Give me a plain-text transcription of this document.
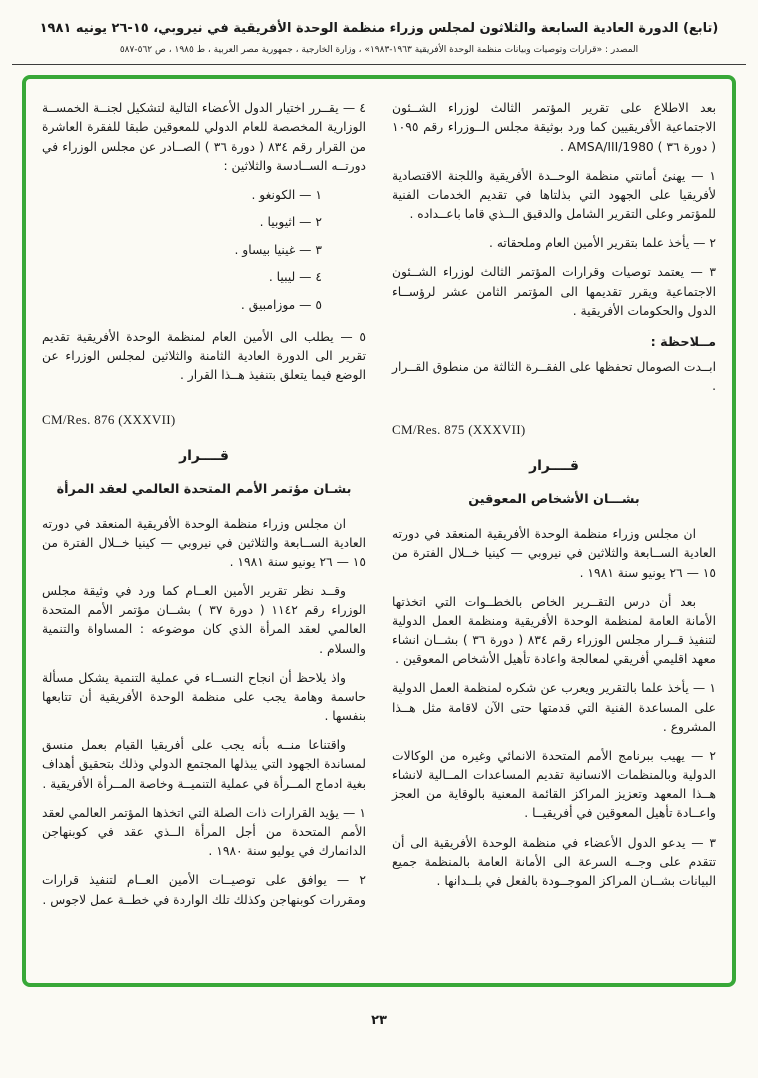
(تابع) الدورة العادية السابعة والثلاثون لمجلس وزراء منظمة الوحدة الأفريقية في نيروبي، ١٥-٢٦ يونيه ١٩٨١
المصدر : «قرارات وتوصيات وبيانات منظمة الوحدة الأفريقية ١٩٦٣-١٩٨٣» ، وزارة الخارجية ، جمهورية مصر العربية ، ط ١٩٨٥ ، ص ٥٦٢-٥٨٧

بعد الاطلاع على تقرير المؤتمر الثالث لوزراء الشــئون الاجتماعية الأفريقيين كما ورد بوثيقة مجلس الــوزراء رقم ١٠٩٥ ( دورة ٣٦ ) AMSA/III/1980 .

١ — يهنئ أمانتي منظمة الوحــدة الأفريقية واللجنة الاقتصادية لأفريقيا على الجهود التي بذلتاها في تقديم الخدمات الفنية للمؤتمر وعلى التقرير الشامل والدقيق الــذي قاما باعــداده .

٢ — يأخذ علما بتقرير الأمين العام وملحقاته .

٣ — يعتمد توصيات وقرارات المؤتمر الثالث لوزراء الشــئون الاجتماعية ويقرر تقديمها الى المؤتمر الثامن عشر لرؤســاء الدول والحكومات الأفريقية .

مــلاحظة :

ابــدت الصومال تحفظها على الفقــرة الثالثة من منطوق القــرار .

CM/Res. 875 (XXXVII)
قــــرار
بشـــان الأشخاص المعوقين

ان مجلس وزراء منظمة الوحدة الأفريقية المنعقد في دورته العادية الســابعة والثلاثين في نيروبي — كينيا خــلال الفترة من ١٥ — ٢٦ يونيو سنة ١٩٨١ .

بعد أن درس التقــرير الخاص بالخطــوات التي اتخذتها الأمانة العامة لمنظمة الوحدة الأفريقية ومنظمة العمل الدولية لتنفيذ قــرار مجلس الوزراء رقم ٨٣٤ ( دورة ٣٦ ) بشــان انشاء معهد اقليمي أفريقي لمعالجة واعادة تأهيل الأشخاص المعوقين .

١ — يأخذ علما بالتقرير ويعرب عن شكره لمنظمة العمل الدولية على المساعدة الفنية التي قدمتها حتى الآن لاقامة مثل هــذا المشروع .

٢ — يهيب ببرنامج الأمم المتحدة الانمائي وغيره من الوكالات الدولية وبالمنظمات الانسانية تقديم المساعدات المــالية لانشاء هــذا المعهد وتعزيز المراكز القائمة المعنية بالوقاية من العجز واعــادة تأهيل المعوقين في أفريقيــا .

٣ — يدعو الدول الأعضاء في منظمة الوحدة الأفريقية الى أن تتقدم على وجــه السرعة الى الأمانة العامة بالمنظمة جميع البيانات بشــان المراكز الموجــودة بالفعل في بلــدانها .

٤ — يقــرر اختيار الدول الأعضاء التالية لتشكيل لجنــة الخمســة الوزارية المخصصة للعام الدولي للمعوقين طبقا للفقرة العاشرة من القرار رقم ٨٣٤ ( دورة ٣٦ ) الصــادر عن مجلس الوزراء في دورتــه الســادسة والثلاثين :

١ — الكونغو .
٢ — اثيوبيا .
٣ — غينيا بيساو .
٤ — ليبيا .
٥ — موزامبيق .

٥ — يطلب الى الأمين العام لمنظمة الوحدة الأفريقية تقديم تقرير الى الدورة العادية الثامنة والثلاثين لمجلس الوزراء عن الوضع فيما يتعلق بتنفيذ هــذا القرار .

CM/Res. 876 (XXXVII)
قــــرار
بشـان مؤتمر الأمم المتحدة العالمي لعقد المرأة

ان مجلس وزراء منظمة الوحدة الأفريقية المنعقد في دورته العادية الســابعة والثلاثين في نيروبي — كينيا خــلال الفترة من ١٥ — ٢٦ يونيو سنة ١٩٨١ .

وقــد نظر تقرير الأمين العــام كما ورد في وثيقة مجلس الوزراء رقم ١١٤٢ ( دورة ٣٧ ) بشــان مؤتمر الأمم المتحدة العالمي لعقد المرأة الذي كان موضوعه : المساواة والتنمية والسلام .

واذ يلاحظ أن انجاح النســاء في عملية التنمية يشكل مسألة حاسمة وهامة يجب على منظمة الوحدة الأفريقية أن تتابعها بنفسها .

واقتناعا منــه بأنه يجب على أفريقيا القيام بعمل منسق لمساندة الجهود التي يبذلها المجتمع الدولي وذلك بتحقيق أهداف بغية ادماج المــرأة في عملية التنميــة وخاصة المــرأة الأفريقية .

١ — يؤيد القرارات ذات الصلة التي اتخذها المؤتمر العالمي لعقد الأمم المتحدة من أجل المرأة الــذي عقد في كوبنهاجن الدانمارك في يوليو سنة ١٩٨٠ .

٢ — يوافق على توصيــات الأمين العــام لتنفيذ قرارات ومقررات كوبنهاجن وكذلك تلك الواردة في خطــة عمل لاجوس .

٢٣
